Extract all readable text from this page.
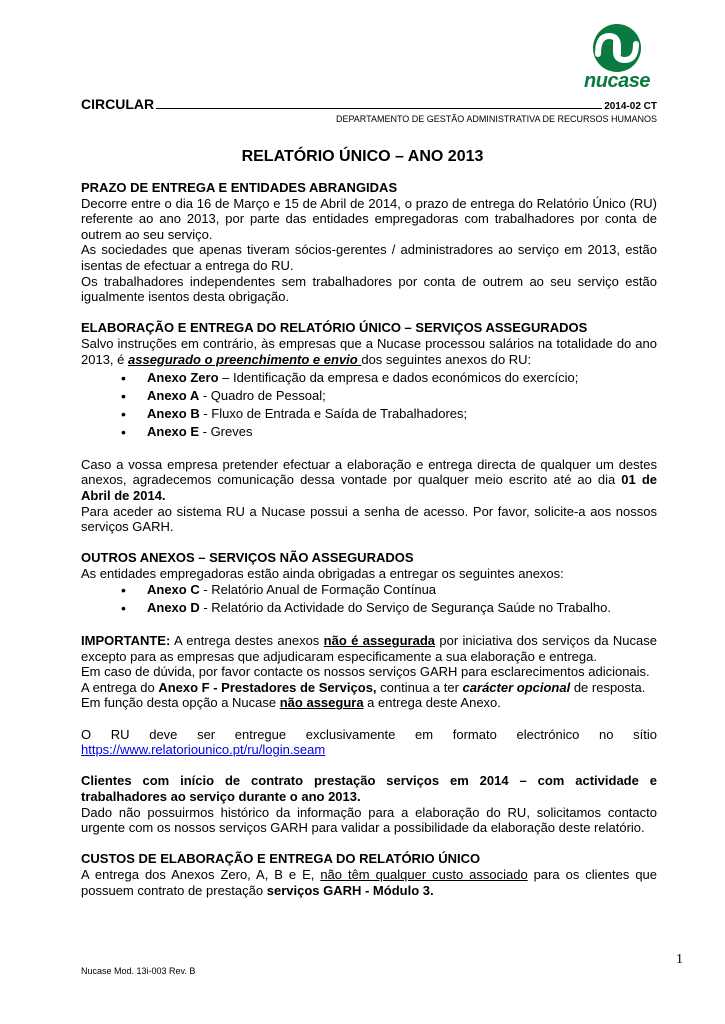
nucase
CIRCULAR	2014-02 CT
DEPARTAMENTO DE GESTÃO ADMINISTRATIVA DE RECURSOS HUMANOS
RELATÓRIO ÚNICO – ANO 2013

PRAZO DE ENTREGA E ENTIDADES ABRANGIDAS

Decorre entre o dia 16 de Março e 15 de Abril de 2014, o prazo de entrega do Relatório Único (RU) referente ao ano 2013, por parte das entidades empregadoras com trabalhadores por conta de outrem ao seu serviço.

As sociedades que apenas tiveram sócios-gerentes / administradores ao serviço em 2013, estão isentas de efectuar a entrega do RU.

Os trabalhadores independentes sem trabalhadores por conta de outrem ao seu serviço estão igualmente isentos desta obrigação.

ELABORAÇÃO E ENTREGA DO RELATÓRIO ÚNICO – SERVIÇOS ASSEGURADOS

Salvo instruções em contrário, às empresas que a Nucase processou salários na totalidade do ano 2013, é assegurado o preenchimento e envio dos seguintes anexos do RU:

• Anexo Zero – Identificação da empresa e dados económicos do exercício;
• Anexo A - Quadro de Pessoal;
• Anexo B - Fluxo de Entrada e Saída de Trabalhadores;
• Anexo E - Greves

Caso a vossa empresa pretender efectuar a elaboração e entrega directa de qualquer um destes anexos, agradecemos comunicação dessa vontade por qualquer meio escrito até ao dia 01 de Abril de 2014.

Para aceder ao sistema RU a Nucase possui a senha de acesso. Por favor, solicite-a aos nossos serviços GARH.

OUTROS ANEXOS – SERVIÇOS NÃO ASSEGURADOS

As entidades empregadoras estão ainda obrigadas a entregar os seguintes anexos:

• Anexo C - Relatório Anual de Formação Contínua
• Anexo D - Relatório da Actividade do Serviço de Segurança Saúde no Trabalho.

IMPORTANTE: A entrega destes anexos não é assegurada por iniciativa dos serviços da Nucase excepto para as empresas que adjudicaram especificamente a sua elaboração e entrega.

Em caso de dúvida, por favor contacte os nossos serviços GARH para esclarecimentos adicionais.

A entrega do Anexo F - Prestadores de Serviços, continua a ter carácter opcional de resposta.

Em função desta opção a Nucase não assegura a entrega deste Anexo.

O RU deve ser entregue exclusivamente em formato electrónico no sítio

https://www.relatoriounico.pt/ru/login.seam

Clientes com início de contrato prestação serviços em 2014 – com actividade e trabalhadores ao serviço durante o ano 2013.

Dado não possuirmos histórico da informação para a elaboração do RU, solicitamos contacto urgente com os nossos serviços GARH para validar a possibilidade da elaboração deste relatório.

CUSTOS DE ELABORAÇÃO E ENTREGA DO RELATÓRIO ÚNICO

A entrega dos Anexos Zero, A, B e E, não têm qualquer custo associado para os clientes que possuem contrato de prestação serviços GARH - Módulo 3.

Nucase Mod. 13i-003 Rev. B
1
